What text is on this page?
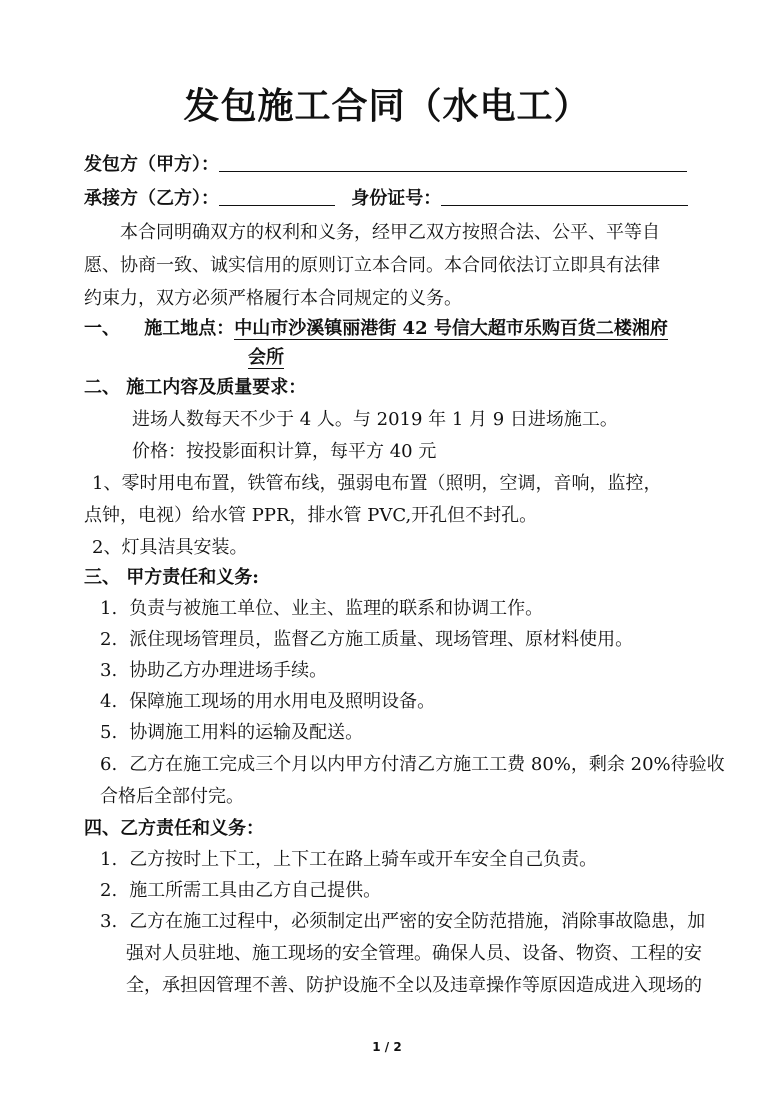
发包施工合同（水电工）
发包方（甲方）：
承接方（乙方）：	身份证号：
本合同明确双方的权利和义务，经甲乙双方按照合法、公平、平等自
愿、协商一致、诚实信用的原则订立本合同。本合同依法订立即具有法律
约束力，双方必须严格履行本合同规定的义务。
一、 施工地点：中山市沙溪镇丽港街 42 号信大超市乐购百货二楼湘府
会所
二、 施工内容及质量要求：
进场人数每天不少于 4 人。与 2019 年 1 月 9 日进场施工。
价格：按投影面积计算，每平方 40 元
1、零时用电布置，铁管布线，强弱电布置（照明，空调，音响，监控，
点钟，电视）给水管 PPR，排水管 PVC,开孔但不封孔。
2、灯具洁具安装。
三、 甲方责任和义务:
1. 负责与被施工单位、业主、监理的联系和协调工作。
2. 派住现场管理员，监督乙方施工质量、现场管理、原材料使用。
3. 协助乙方办理进场手续。
4. 保障施工现场的用水用电及照明设备。
5. 协调施工用料的运输及配送。
6. 乙方在施工完成三个月以内甲方付清乙方施工工费 80%，剩余 20%待验收
合格后全部付完。
四、乙方责任和义务：
1. 乙方按时上下工，上下工在路上骑车或开车安全自己负责。
2. 施工所需工具由乙方自己提供。
3. 乙方在施工过程中，必须制定出严密的安全防范措施，消除事故隐患，加
强对人员驻地、施工现场的安全管理。确保人员、设备、物资、工程的安
全，承担因管理不善、防护设施不全以及违章操作等原因造成进入现场的
1 / 2
